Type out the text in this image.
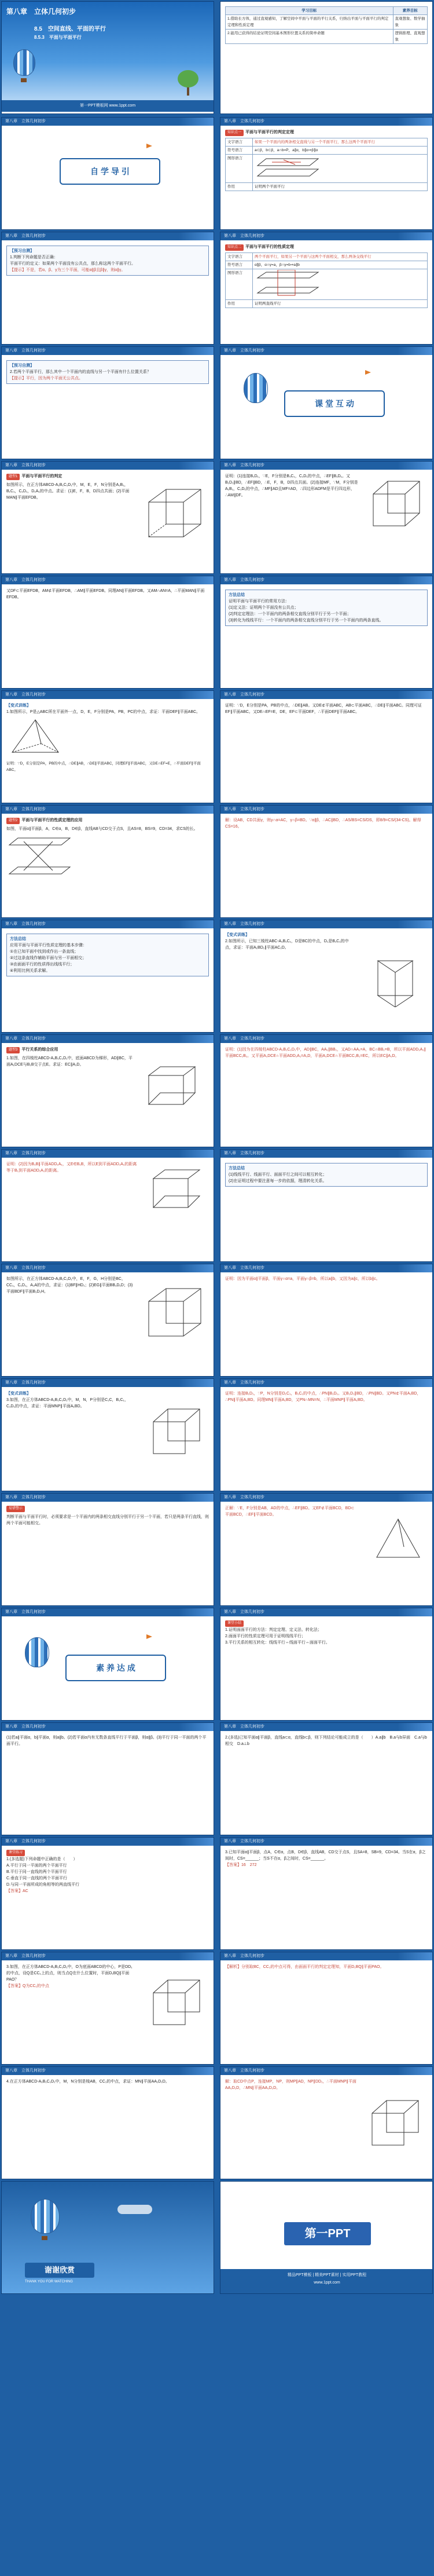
第八章　立体几何初步
8.5　空间直线、平面的平行
8.5.3　平面与平面平行
第一PPT模板网 www.1ppt.com
学习目标	素养目标
1.借助长方体，通过直观感知，了解空间中平面与平面的平行关系，归纳出平面与平面平行的判定定理和性质定理	直观想象、数学抽象
2.能用已获得的结论证明空间基本图形位置关系的简单命题	逻辑推理、直观想象
第八章　立体几何初步
自 学 导 引
第八章　立体几何初步
知识点一 平面与平面平行的判定定理
文字语言	如果一个平面内的两条相交直线与另一个平面平行，那么这两个平面平行
符号语言	a⊂β，b⊂β，a∩b=P，a∥α，b∥α⇒β∥α
图形语言	
作用	证明两个平面平行
第八章　立体几何初步
【预习自测】
1.判断下列命题是否正确：
平面平行的定义：如果两个平面没有公共点，那么称这两个平面平行。
【提示】不是，若α、β、γ为三个平面，可能α∥β且β∥γ，则α∥γ。
第八章　立体几何初步
知识点二 平面与平面平行的性质定理
文字语言	两个平面平行，如果另一个平面与这两个平面相交，那么两条交线平行
符号语言	α∥β，α∩γ=a，β∩γ=b⇒a∥b
图形语言	
作用	证明两直线平行
第八章　立体几何初步
【预习自测】
2.若两个平面平行，那么其中一个平面内的直线与另一个平面有什么位置关系？
【提示】平行，因为两个平面无公共点。
第八章　立体几何初步
课 堂 互 动
第八章　立体几何初步
题型1 平面与平面平行的判定
如图所示，在正方体ABCD-A₁B₁C₁D₁中，M，E，F，N分别是A₁B₁，B₁C₁，C₁D₁，D₁A₁的中点。求证：(1)E，F，B，D四点共面；(2)平面MAN∥平面EFDB。
第八章　立体几何初步
证明：(1)连接B₁D₁，∵E，F分别是B₁C₁，C₁D₁的中点，∴EF∥B₁D₁。又B₁D₁∥BD，∴EF∥BD，∴E，F，B，D四点共面。(2)连接MF，∵M，F分别是A₁B₁，C₁D₁的中点，∴MF∥AD且MF=AD，∴四边形ADFM是平行四边形，∴AM∥DF。
第八章　立体几何初步
又DF⊂平面EFDB，AM⊄平面EFDB，∴AM∥平面EFDB。同理AN∥平面EFDB。又AM∩AN=A，∴平面MAN∥平面EFDB。
第八章　立体几何初步
方法总结
证明平面与平面平行的常用方法：
(1)定义法：证明两个平面没有公共点；
(2)判定定理法：一个平面内的两条相交直线分别平行于另一个平面；
(3)转化为线线平行：一个平面内的两条相交直线分别平行于另一个平面内的两条直线。
第八章　立体几何初步
【变式训练】
1.如图所示，P是△ABC所在平面外一点，D，E，F分别是PA，PB，PC的中点，求证：平面DEF∥平面ABC。
证明：∵D，E分别是PA，PB的中点，∴DE∥AB，∴DE∥平面ABC，同理EF∥平面ABC，又DE∩EF=E，∴平面DEF∥平面ABC。
第八章　立体几何初步
证明：∵D，E分别是PA，PB的中点，∴DE∥AB。又DE⊄平面ABC，AB⊂平面ABC，∴DE∥平面ABC。同理可证EF∥平面ABC。又DE∩EF=E，DE，EF⊂平面DEF，∴平面DEF∥平面ABC。
第八章　立体几何初步
题型2 平面与平面平行的性质定理的应用
如图，平面α∥平面β，A，C∈α，B，D∈β，直线AB与CD交于点S，且AS=8，BS=9，CD=34，求CS的长。
第八章　立体几何初步
解：设AB，CD共面γ，则γ∩α=AC，γ∩β=BD。∵α∥β，∴AC∥BD，∴AS/BS=CS/DS，即8/9=CS/(34-CS)。解得CS=16。
第八章　立体几何初步
方法总结
应用平面与平面平行性质定理的基本步骤：
①在已知平面中找到或作出一条直线；
②过这条直线作辅助平面与另一平面相交；
③由面面平行的性质得出线线平行；
④利用比例关系求解。
第八章　立体几何初步
【变式训练】
2.如图所示，已知三棱柱ABC-A₁B₁C₁，D是BC的中点，D₁是B₁C₁的中点，求证：平面A₁BD₁∥平面AC₁D。
第八章　立体几何初步
题型3 平行关系的综合应用
1.如图，在四棱柱ABCD-A₁B₁C₁D₁中，底面ABCD为梯形，AD∥BC，平面A₁DCE与B₁B交于点E。求证：EC∥A₁D。
第八章　立体几何初步
证明：(1)因为在四棱柱ABCD-A₁B₁C₁D₁中，AD∥BC，AA₁∥BB₁，又AD∩AA₁=A，BC∩BB₁=B，所以平面ADD₁A₁∥平面BCC₁B₁。又平面A₁DCE∩平面ADD₁A₁=A₁D，平面A₁DCE∩平面BCC₁B₁=EC，所以EC∥A₁D。
第八章　立体几何初步
证明：(2)因为B₁B∥平面ADD₁A₁，又E∈B₁B，所以E到平面ADD₁A₁的距离等于B₁到平面ADD₁A₁的距离。
第八章　立体几何初步
方法总结
(1)线线平行、线面平行、面面平行之间可以相互转化；
(2)在证明过程中要注意每一步的依据，理清转化关系。
第八章　立体几何初步
如图所示，在正方体ABCD-A₁B₁C₁D₁中，E，F，G，H分别是BC，CC₁，C₁D₁，A₁A的中点，求证：(1)BF∥HD₁；(2)EG∥平面BB₁D₁D；(3)平面BDF∥平面B₁D₁H。
第八章　立体几何初步
证明：因为平面α∥平面β，平面γ∩α=a，平面γ∩β=b，所以a∥b，又因为a∥c，所以b∥c。
第八章　立体几何初步
【变式训练】
3.如图，在正方体ABCD-A₁B₁C₁D₁中，M，N，P分别是C₁C，B₁C₁，C₁D₁的中点，求证：平面MNP∥平面A₁BD。
第八章　立体几何初步
证明：连接B₁D₁，∵P，N分别是D₁C₁，B₁C₁的中点，∴PN∥B₁D₁。又B₁D₁∥BD，∴PN∥BD。又PN⊄平面A₁BD，∴PN∥平面A₁BD。同理MN∥平面A₁BD，又PN∩MN=N，∴平面MNP∥平面A₁BD。
第八章　立体几何初步
易错警示
判断平面与平面平行时，必须要求是一个平面内的两条相交直线分别平行于另一个平面，若只是两条平行直线，则两个平面可能相交。
第八章　立体几何初步
正解：∵E，F分别是AB，AD的中点，∴EF∥BD。又EF⊄平面BCD，BD⊂平面BCD，∴EF∥平面BCD。
第八章　立体几何初步
素 养 达 成
第八章　立体几何初步
课堂小结
1.证明面面平行的方法：判定定理、定义法、转化法；
2.面面平行的性质定理可用于证明线线平行；
3.平行关系的相互转化：线线平行⇔线面平行⇔面面平行。
第八章　立体几何初步
(1)若a∥平面α，b∥平面α，则a∥b。(2)若平面α内有无数条直线平行于平面β，则α∥β。(3)平行于同一平面的两个平面平行。
第八章　立体几何初步
2.(多选)已知平面α∥平面β，直线a⊂α，直线b⊂β，则下列结论可能成立的是（　　）A.a∥b　B.a与b异面　C.a与b相交　D.a⊥b
第八章　立体几何初步
课堂练习
1.(多选题)下列命题中正确的是（　　）
A.平行于同一平面的两个平面平行
B.平行于同一直线的两个平面平行
C.垂直于同一直线的两个平面平行
D.与同一平面所成的角相等的两直线平行
【答案】AC
第八章　立体几何初步
3.已知平面α∥平面β，点A，C∈α，点B，D∈β，直线AB，CD交于点S，且SA=8，SB=9，CD=34。当S在α，β之间时，CS=______；当S不在α，β之间时，CS=______。
【答案】16　272
第八章　立体几何初步
3.如图，在正方体ABCD-A₁B₁C₁D₁中，O为底面ABCD的中心，P是DD₁的中点，设Q是CC₁上的点，则当点Q在什么位置时，平面D₁BQ∥平面PAO？
【答案】Q为CC₁的中点
第八章　立体几何初步
【解析】分别取BC，CC₁的中点可得，由面面平行的判定定理知，平面D₁BQ∥平面PAO。
第八章　立体几何初步
4.在正方体ABCD-A₁B₁C₁D₁中，M，N分别是棱AB，CC₁的中点，求证：MN∥平面AA₁D₁D。
第八章　立体几何初步
解：取CD中点P，连接MP，NP，则MP∥AD，NP∥DD₁，∴平面MNP∥平面AA₁D₁D，∴MN∥平面AA₁D₁D。
谢谢欣赏
THANK YOU FOR WATCHING
第一PPT
精品PPT模板 | 精美PPT素材 | 实用PPT教程
www.1ppt.com
